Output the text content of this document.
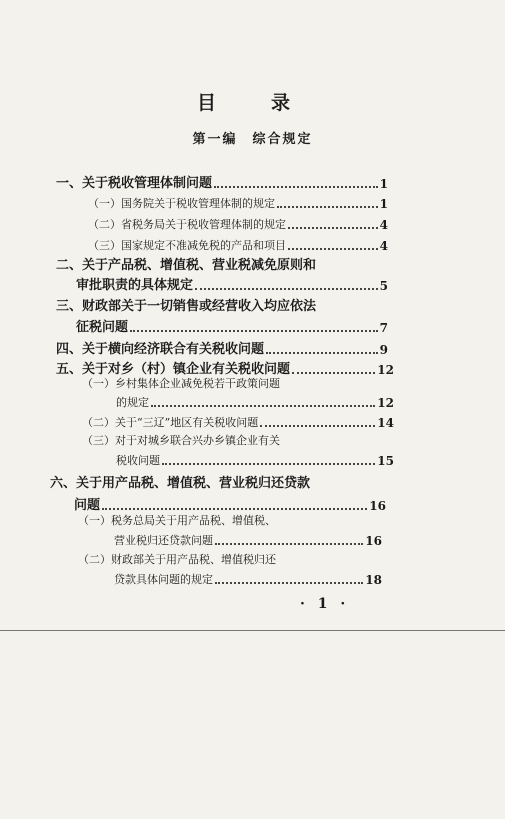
目　录
第一编　综合规定
一、关于税收管理体制问题	1
（一）国务院关于税收管理体制的规定	1
（二）省税务局关于税收管理体制的规定	4
（三）国家规定不准减免税的产品和项目	4
二、关于产品税、增值税、营业税减免原则和
审批职责的具体规定	5
三、财政部关于一切销售或经营收入均应依法
征税问题	7
四、关于横向经济联合有关税收问题	9
五、关于对乡（村）镇企业有关税收问题	12
（一）乡村集体企业减免税若干政策问题
的规定	12
（二）关于“三辽”地区有关税收问题	14
（三）对于对城乡联合兴办乡镇企业有关
税收问题	15
六、关于用产品税、增值税、营业税归还贷款
问题	16
（一）税务总局关于用产品税、增值税、
营业税归还贷款问题	16
（二）财政部关于用产品税、增值税归还
贷款具体问题的规定	18
· 1 ·
